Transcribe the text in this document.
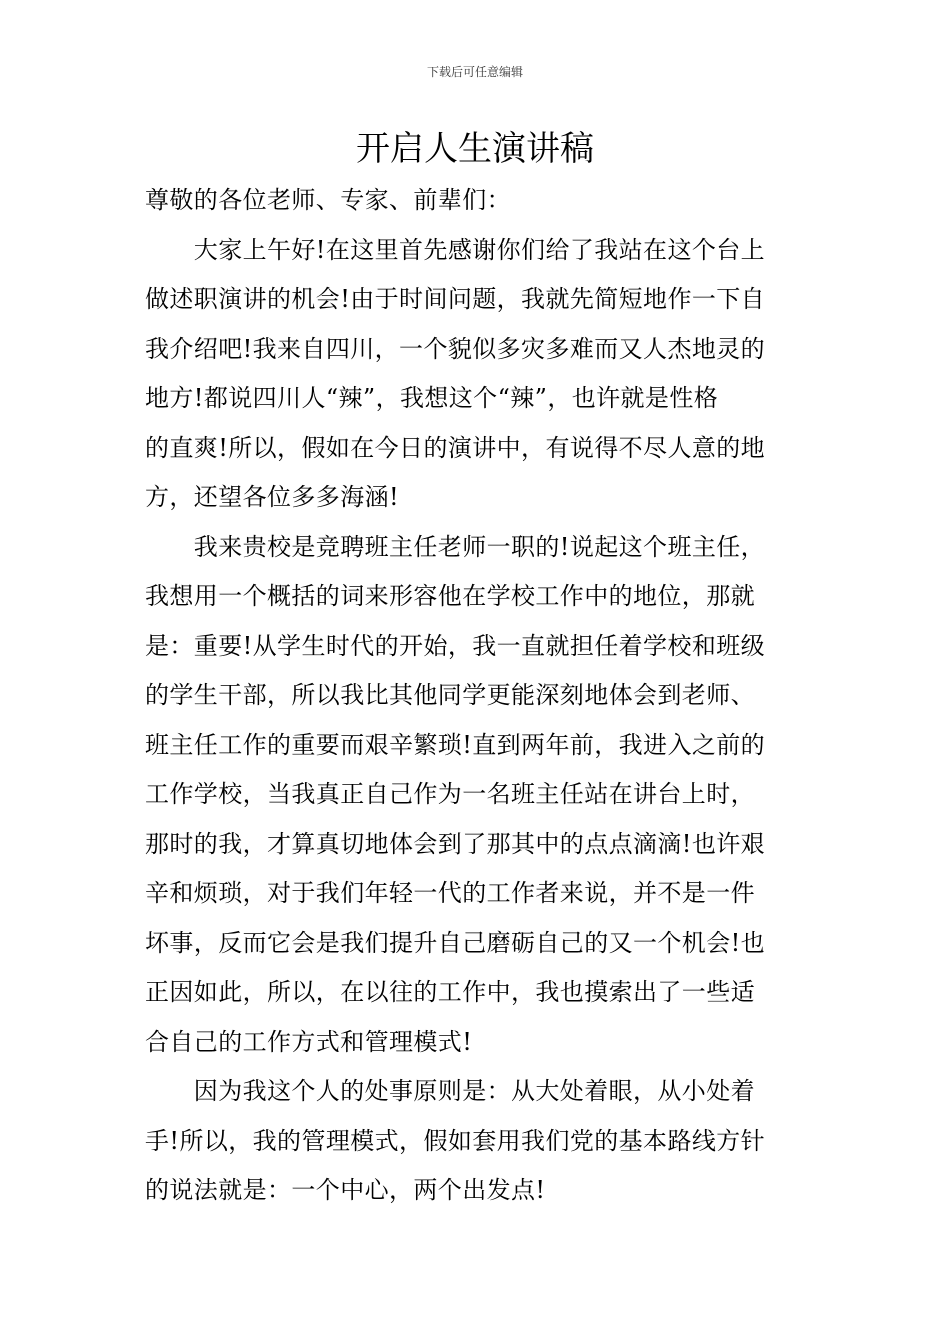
下载后可任意编辑
开启人生演讲稿
尊敬的各位老师、专家、前辈们：
　　大家上午好!在这里首先感谢你们给了我站在这个台上
做述职演讲的机会!由于时间问题，我就先简短地作一下自
我介绍吧!我来自四川，一个貌似多灾多难而又人杰地灵的
地方!都说四川人“辣”，我想这个“辣”，也许就是性格
的直爽!所以，假如在今日的演讲中，有说得不尽人意的地
方，还望各位多多海涵!
　　我来贵校是竞聘班主任老师一职的!说起这个班主任，
我想用一个概括的词来形容他在学校工作中的地位，那就
是：重要!从学生时代的开始，我一直就担任着学校和班级
的学生干部，所以我比其他同学更能深刻地体会到老师、
班主任工作的重要而艰辛繁琐!直到两年前，我进入之前的
工作学校，当我真正自己作为一名班主任站在讲台上时，
那时的我，才算真切地体会到了那其中的点点滴滴!也许艰
辛和烦琐，对于我们年轻一代的工作者来说，并不是一件
坏事，反而它会是我们提升自己磨砺自己的又一个机会!也
正因如此，所以，在以往的工作中，我也摸索出了一些适
合自己的工作方式和管理模式!
　　因为我这个人的处事原则是：从大处着眼，从小处着
手!所以，我的管理模式，假如套用我们党的基本路线方针
的说法就是：一个中心，两个出发点!
